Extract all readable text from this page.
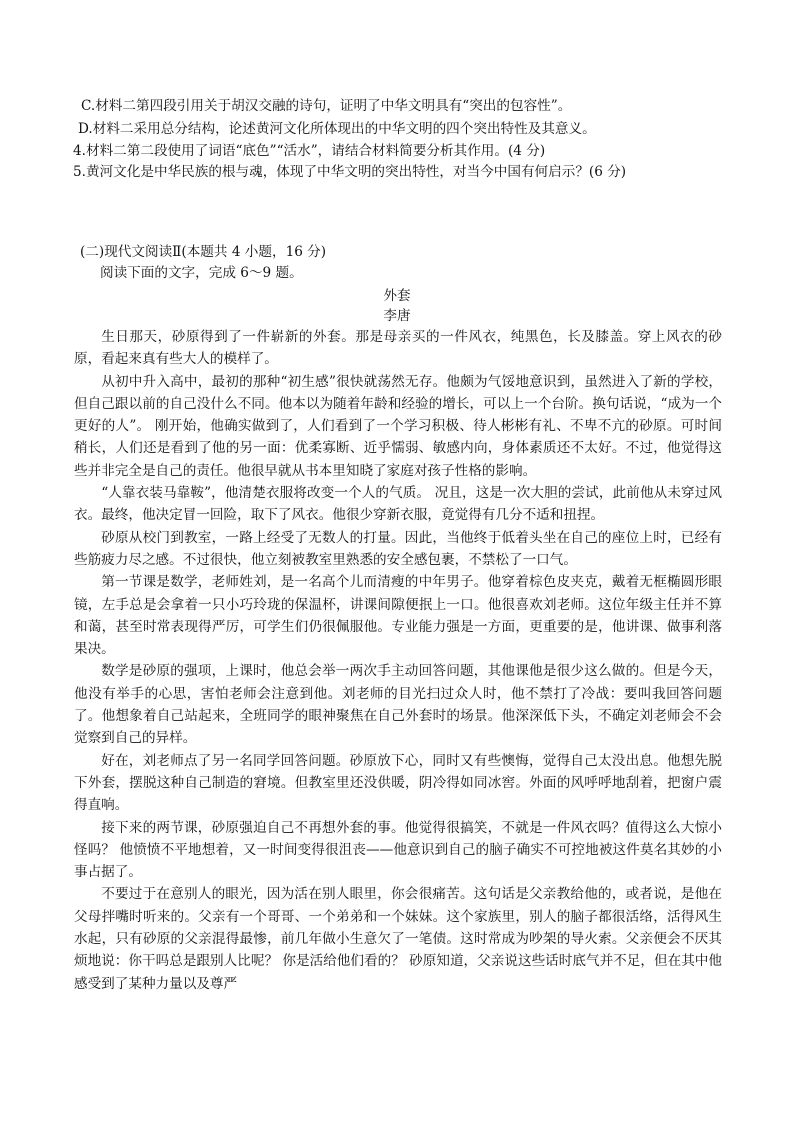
C.材料二第四段引用关于胡汉交融的诗句，证明了中华文明具有“突出的包容性”。
D.材料二采用总分结构，论述黄河文化所体现出的中华文明的四个突出特性及其意义。
4.材料二第二段使用了词语“底色”“活水”，请结合材料简要分析其作用。(4 分)
5.黄河文化是中华民族的根与魂，体现了中华文明的突出特性，对当今中国有何启示？(6 分)
(二)现代文阅读Ⅱ(本题共 4 小题，16 分)
阅读下面的文字，完成 6～9 题。
外套
李唐

生日那天，砂原得到了一件崭新的外套。那是母亲买的一件风衣，纯黑色，长及膝盖。穿上风衣的砂原，看起来真有些大人的模样了。

从初中升入高中，最初的那种“初生感”很快就荡然无存。他颇为气馁地意识到，虽然进入了新的学校，但自己跟以前的自己没什么不同。他本以为随着年龄和经验的增长，可以上一个台阶。换句话说，“成为一个更好的人”。 刚开始，他确实做到了，人们看到了一个学习积极、待人彬彬有礼、不卑不亢的砂原。可时间稍长，人们还是看到了他的另一面：优柔寡断、近乎懦弱、敏感内向，身体素质还不太好。不过，他觉得这些并非完全是自己的责任。他很早就从书本里知晓了家庭对孩子性格的影响。

“人靠衣装马靠鞍”，他清楚衣服将改变一个人的气质。 况且，这是一次大胆的尝试，此前他从未穿过风衣。最终，他决定冒一回险，取下了风衣。他很少穿新衣服，竟觉得有几分不适和扭捏。

砂原从校门到教室，一路上经受了无数人的打量。因此，当他终于低着头坐在自己的座位上时，已经有些筋疲力尽之感。不过很快，他立刻被教室里熟悉的安全感包裹，不禁松了一口气。

第一节课是数学，老师姓刘，是一名高个儿而清瘦的中年男子。他穿着棕色皮夹克，戴着无框椭圆形眼镜，左手总是会拿着一只小巧玲珑的保温杯，讲课间隙便抿上一口。他很喜欢刘老师。这位年级主任并不算和蔼，甚至时常表现得严厉，可学生们仍很佩服他。专业能力强是一方面，更重要的是，他讲课、做事利落果决。

数学是砂原的强项，上课时，他总会举一两次手主动回答问题，其他课他是很少这么做的。但是今天，他没有举手的心思，害怕老师会注意到他。刘老师的目光扫过众人时，他不禁打了冷战：要叫我回答问题了。他想象着自己站起来，全班同学的眼神聚焦在自己外套时的场景。他深深低下头，不确定刘老师会不会觉察到自己的异样。

好在，刘老师点了另一名同学回答问题。砂原放下心，同时又有些懊悔，觉得自己太没出息。他想先脱下外套，摆脱这种自己制造的窘境。但教室里还没供暖，阴冷得如同冰窖。外面的风呼呼地刮着，把窗户震得直响。

接下来的两节课，砂原强迫自己不再想外套的事。他觉得很搞笑，不就是一件风衣吗？值得这么大惊小怪吗？ 他愤愤不平地想着，又一时间变得很沮丧——他意识到自己的脑子确实不可控地被这件莫名其妙的小事占据了。

不要过于在意别人的眼光，因为活在别人眼里，你会很痛苦。这句话是父亲教给他的，或者说，是他在父母拌嘴时听来的。父亲有一个哥哥、一个弟弟和一个妹妹。这个家族里，别人的脑子都很活络，活得风生水起，只有砂原的父亲混得最惨，前几年做小生意欠了一笔债。这时常成为吵架的导火索。父亲便会不厌其烦地说：你干吗总是跟别人比呢？ 你是活给他们看的？ 砂原知道，父亲说这些话时底气并不足，但在其中他感受到了某种力量以及尊严
